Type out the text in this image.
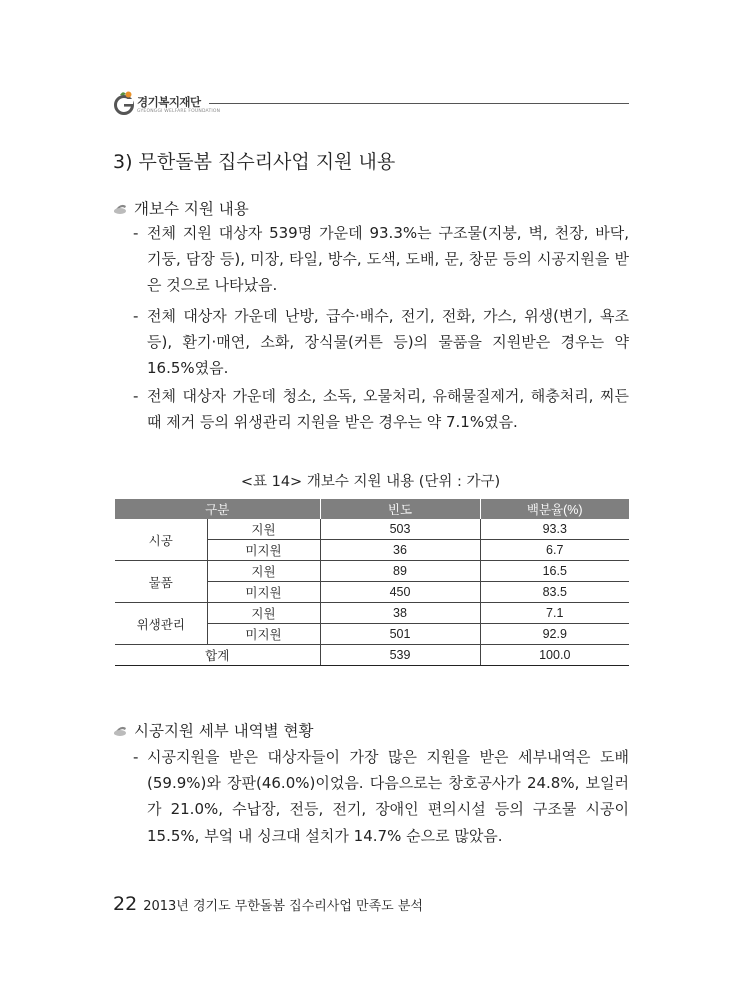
경기복지재단
GYEONGGI WELFARE FOUNDATION
3) 무한돌봄 집수리사업 지원 내용
개보수 지원 내용
- 전체 지원 대상자 539명 가운데 93.3%는 구조물(지붕, 벽, 천장, 바닥, 기둥, 담장 등), 미장, 타일, 방수, 도색, 도배, 문, 창문 등의 시공지원을 받은 것으로 나타났음.
- 전체 대상자 가운데 난방, 급수·배수, 전기, 전화, 가스, 위생(변기, 욕조등), 환기·매연, 소화, 장식물(커튼 등)의 물품을 지원받은 경우는 약 16.5%였음.
- 전체 대상자 가운데 청소, 소독, 오물처리, 유해물질제거, 해충처리, 찌든때 제거 등의 위생관리 지원을 받은 경우는 약 7.1%였음.
<표 14> 개보수 지원 내용 (단위 : 가구)
구분		빈도	백분율(%)
시공	지원	503	93.3
	미지원	36	6.7
물품	지원	89	16.5
	미지원	450	83.5
위생관리	지원	38	7.1
	미지원	501	92.9
합계		539	100.0
시공지원 세부 내역별 현황
- 시공지원을 받은 대상자들이 가장 많은 지원을 받은 세부내역은 도배(59.9%)와 장판(46.0%)이었음. 다음으로는 창호공사가 24.8%, 보일러가 21.0%, 수납장, 전등, 전기, 장애인 편의시설 등의 구조물 시공이 15.5%, 부엌 내 싱크대 설치가 14.7% 순으로 많았음.
22 2013년 경기도 무한돌봄 집수리사업 만족도 분석
